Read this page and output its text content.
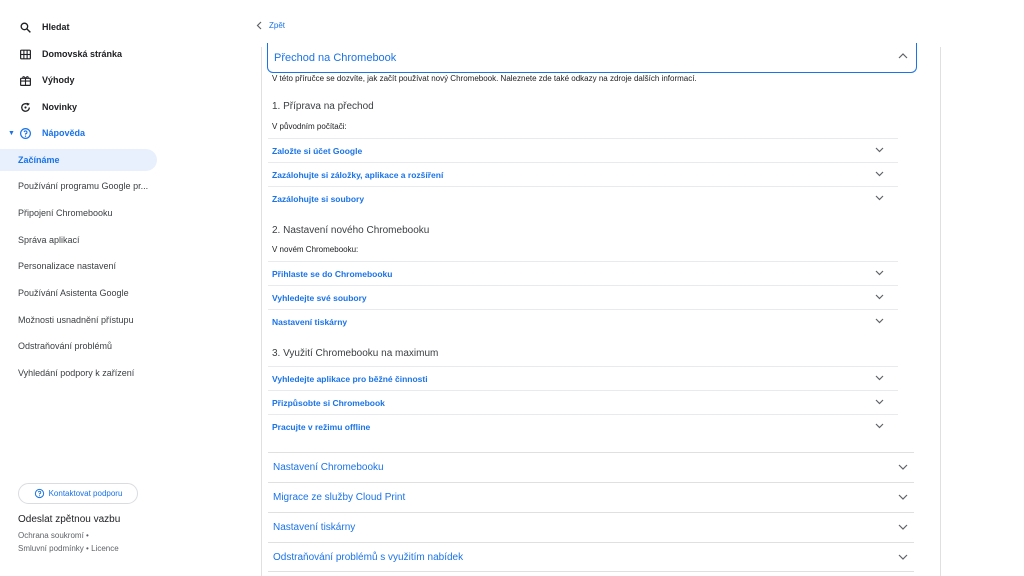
Hledat
Domovská stránka
Výhody
Novinky
▼	Nápověda
Začínáme
Používání programu Google pr...
Připojení Chromebooku
Správa aplikací
Personalizace nastavení
Používání Asistenta Google
Možnosti usnadnění přístupu
Odstraňování problémů
Vyhledání podpory k zařízení
Kontaktovat podporu
Odeslat zpětnou vazbu
Ochrana soukromí • Smluvní podmínky • Licence
Zpět
Přechod na Chromebook
V této příručce se dozvíte, jak začít používat nový Chromebook. Naleznete zde také odkazy na zdroje dalších informací.
1. Příprava na přechod
V původním počítači:
Založte si účet Google
Zazálohujte si záložky, aplikace a rozšíření
Zazálohujte si soubory
2. Nastavení nového Chromebooku
V novém Chromebooku:
Přihlaste se do Chromebooku
Vyhledejte své soubory
Nastavení tiskárny
3. Využití Chromebooku na maximum
Vyhledejte aplikace pro běžné činnosti
Přizpůsobte si Chromebook
Pracujte v režimu offline
Nastavení Chromebooku
Migrace ze služby Cloud Print
Nastavení tiskárny
Odstraňování problémů s využitím nabídek
